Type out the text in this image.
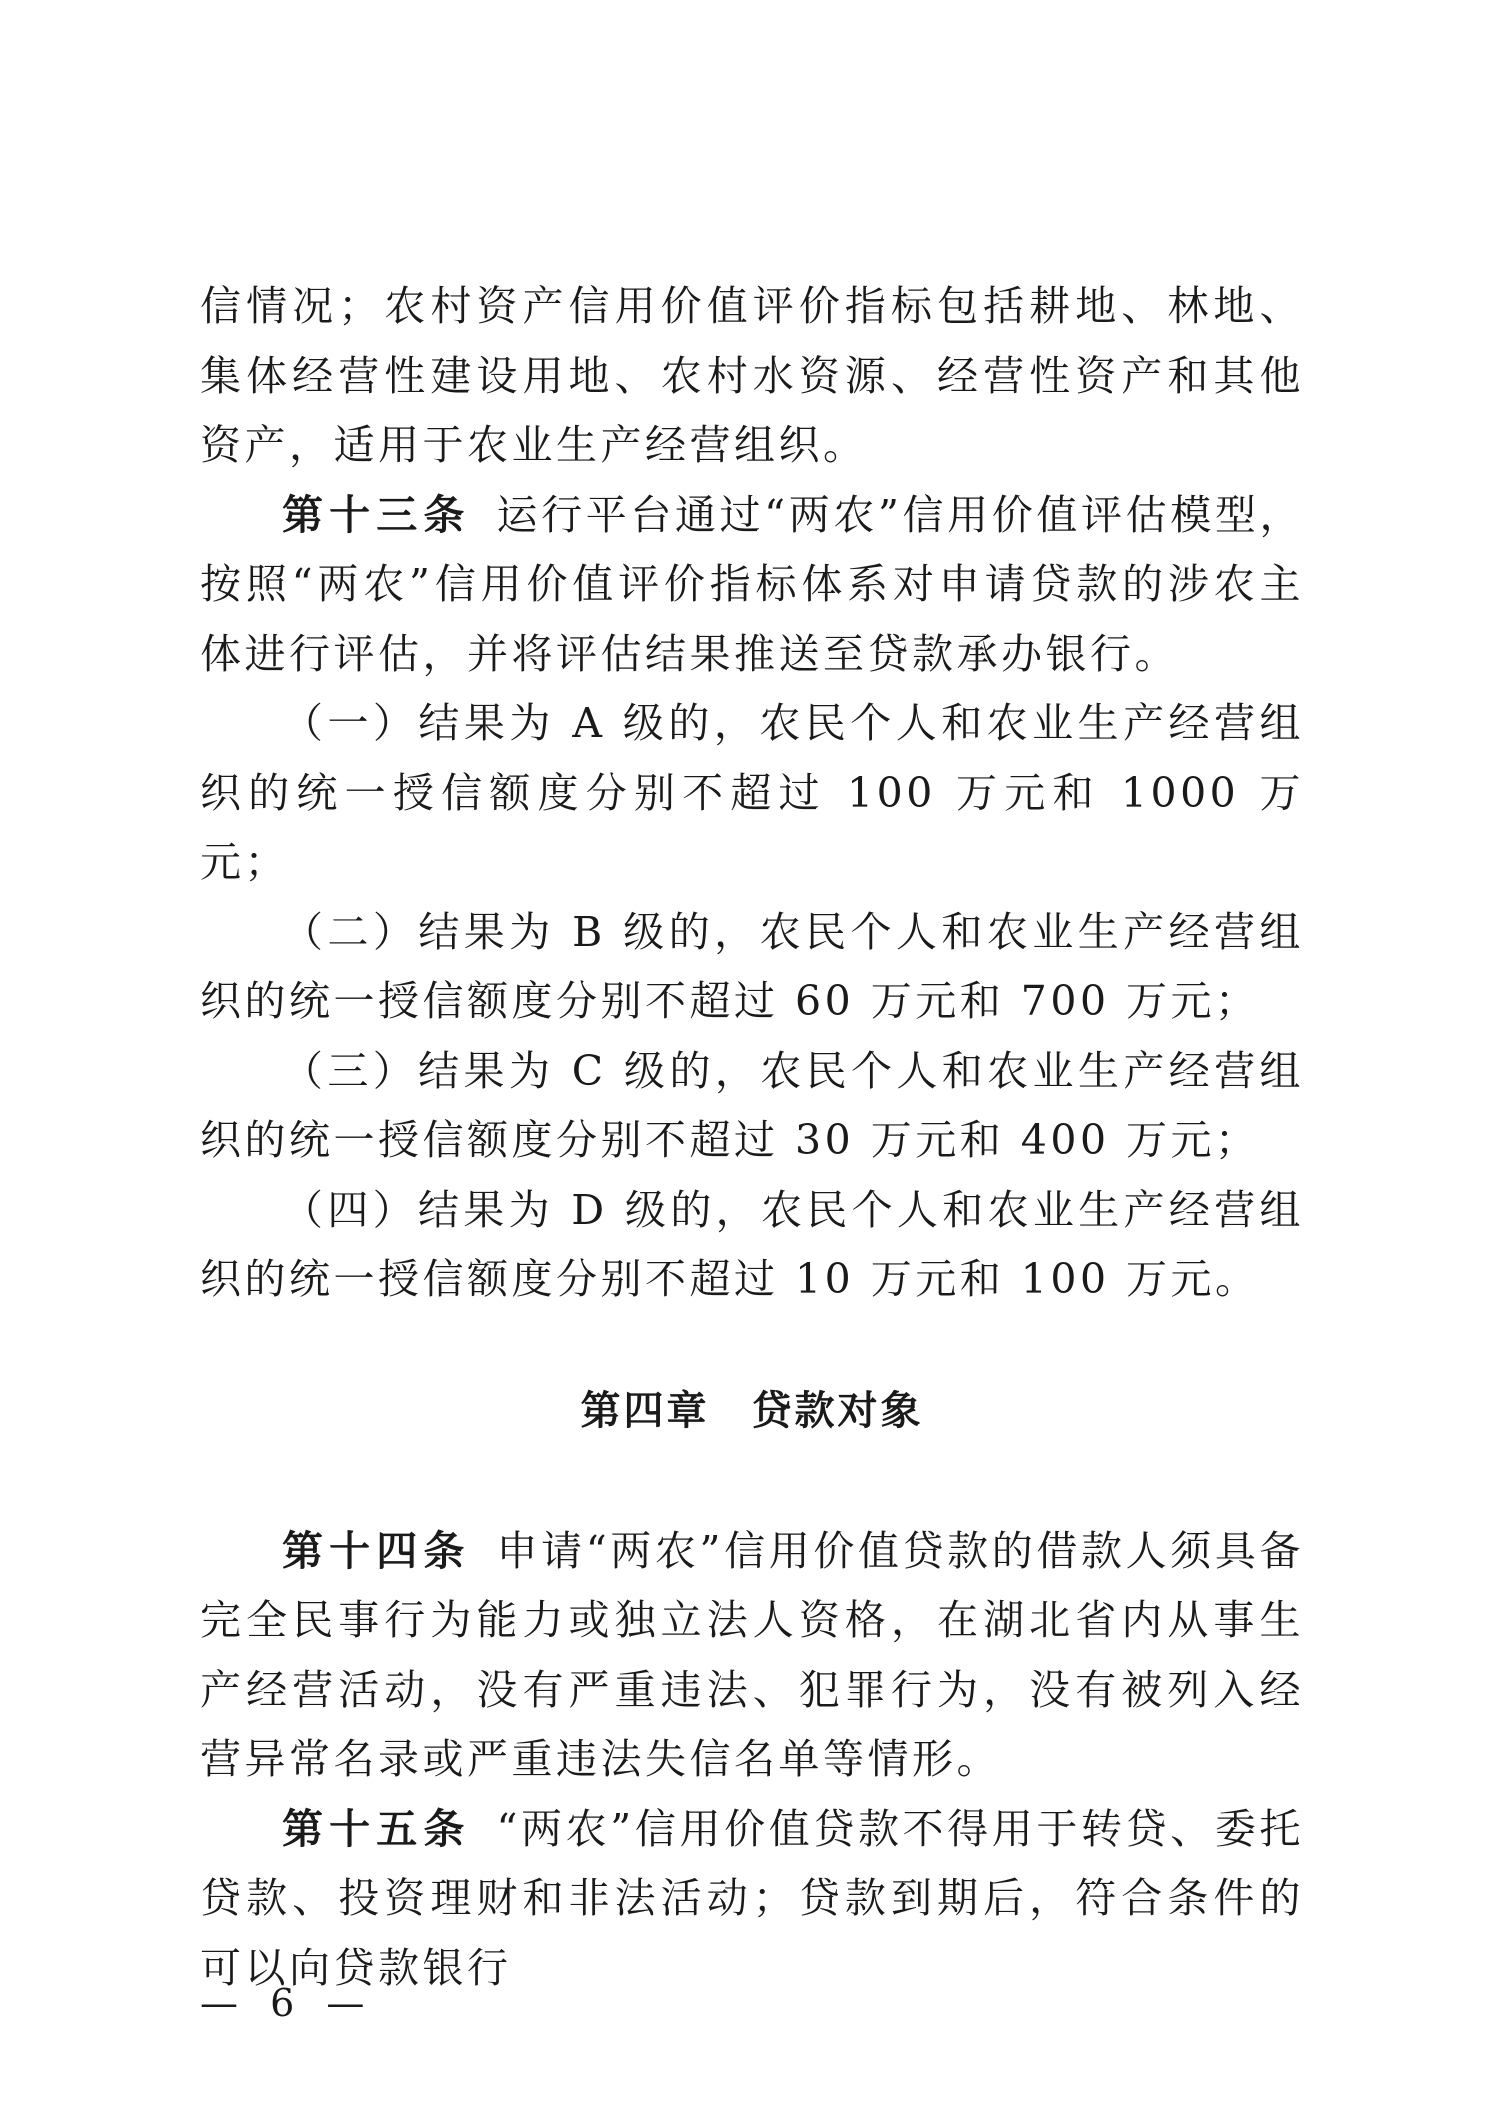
信情况；农村资产信用价值评价指标包括耕地、林地、集体经营性建设用地、农村水资源、经营性资产和其他资产，适用于农业生产经营组织。

第十三条 运行平台通过“两农”信用价值评估模型，按照“两农”信用价值评价指标体系对申请贷款的涉农主体进行评估，并将评估结果推送至贷款承办银行。

（一）结果为 A 级的，农民个人和农业生产经营组织的统一授信额度分别不超过 100 万元和 1000 万元；

（二）结果为 B 级的，农民个人和农业生产经营组织的统一授信额度分别不超过 60 万元和 700 万元；

（三）结果为 C 级的，农民个人和农业生产经营组织的统一授信额度分别不超过 30 万元和 400 万元；

（四）结果为 D 级的，农民个人和农业生产经营组织的统一授信额度分别不超过 10 万元和 100 万元。

第四章 贷款对象

第十四条 申请“两农”信用价值贷款的借款人须具备完全民事行为能力或独立法人资格，在湖北省内从事生产经营活动，没有严重违法、犯罪行为，没有被列入经营异常名录或严重违法失信名单等情形。

第十五条 “两农”信用价值贷款不得用于转贷、委托贷款、投资理财和非法活动；贷款到期后，符合条件的可以向贷款银行

— 6 —
